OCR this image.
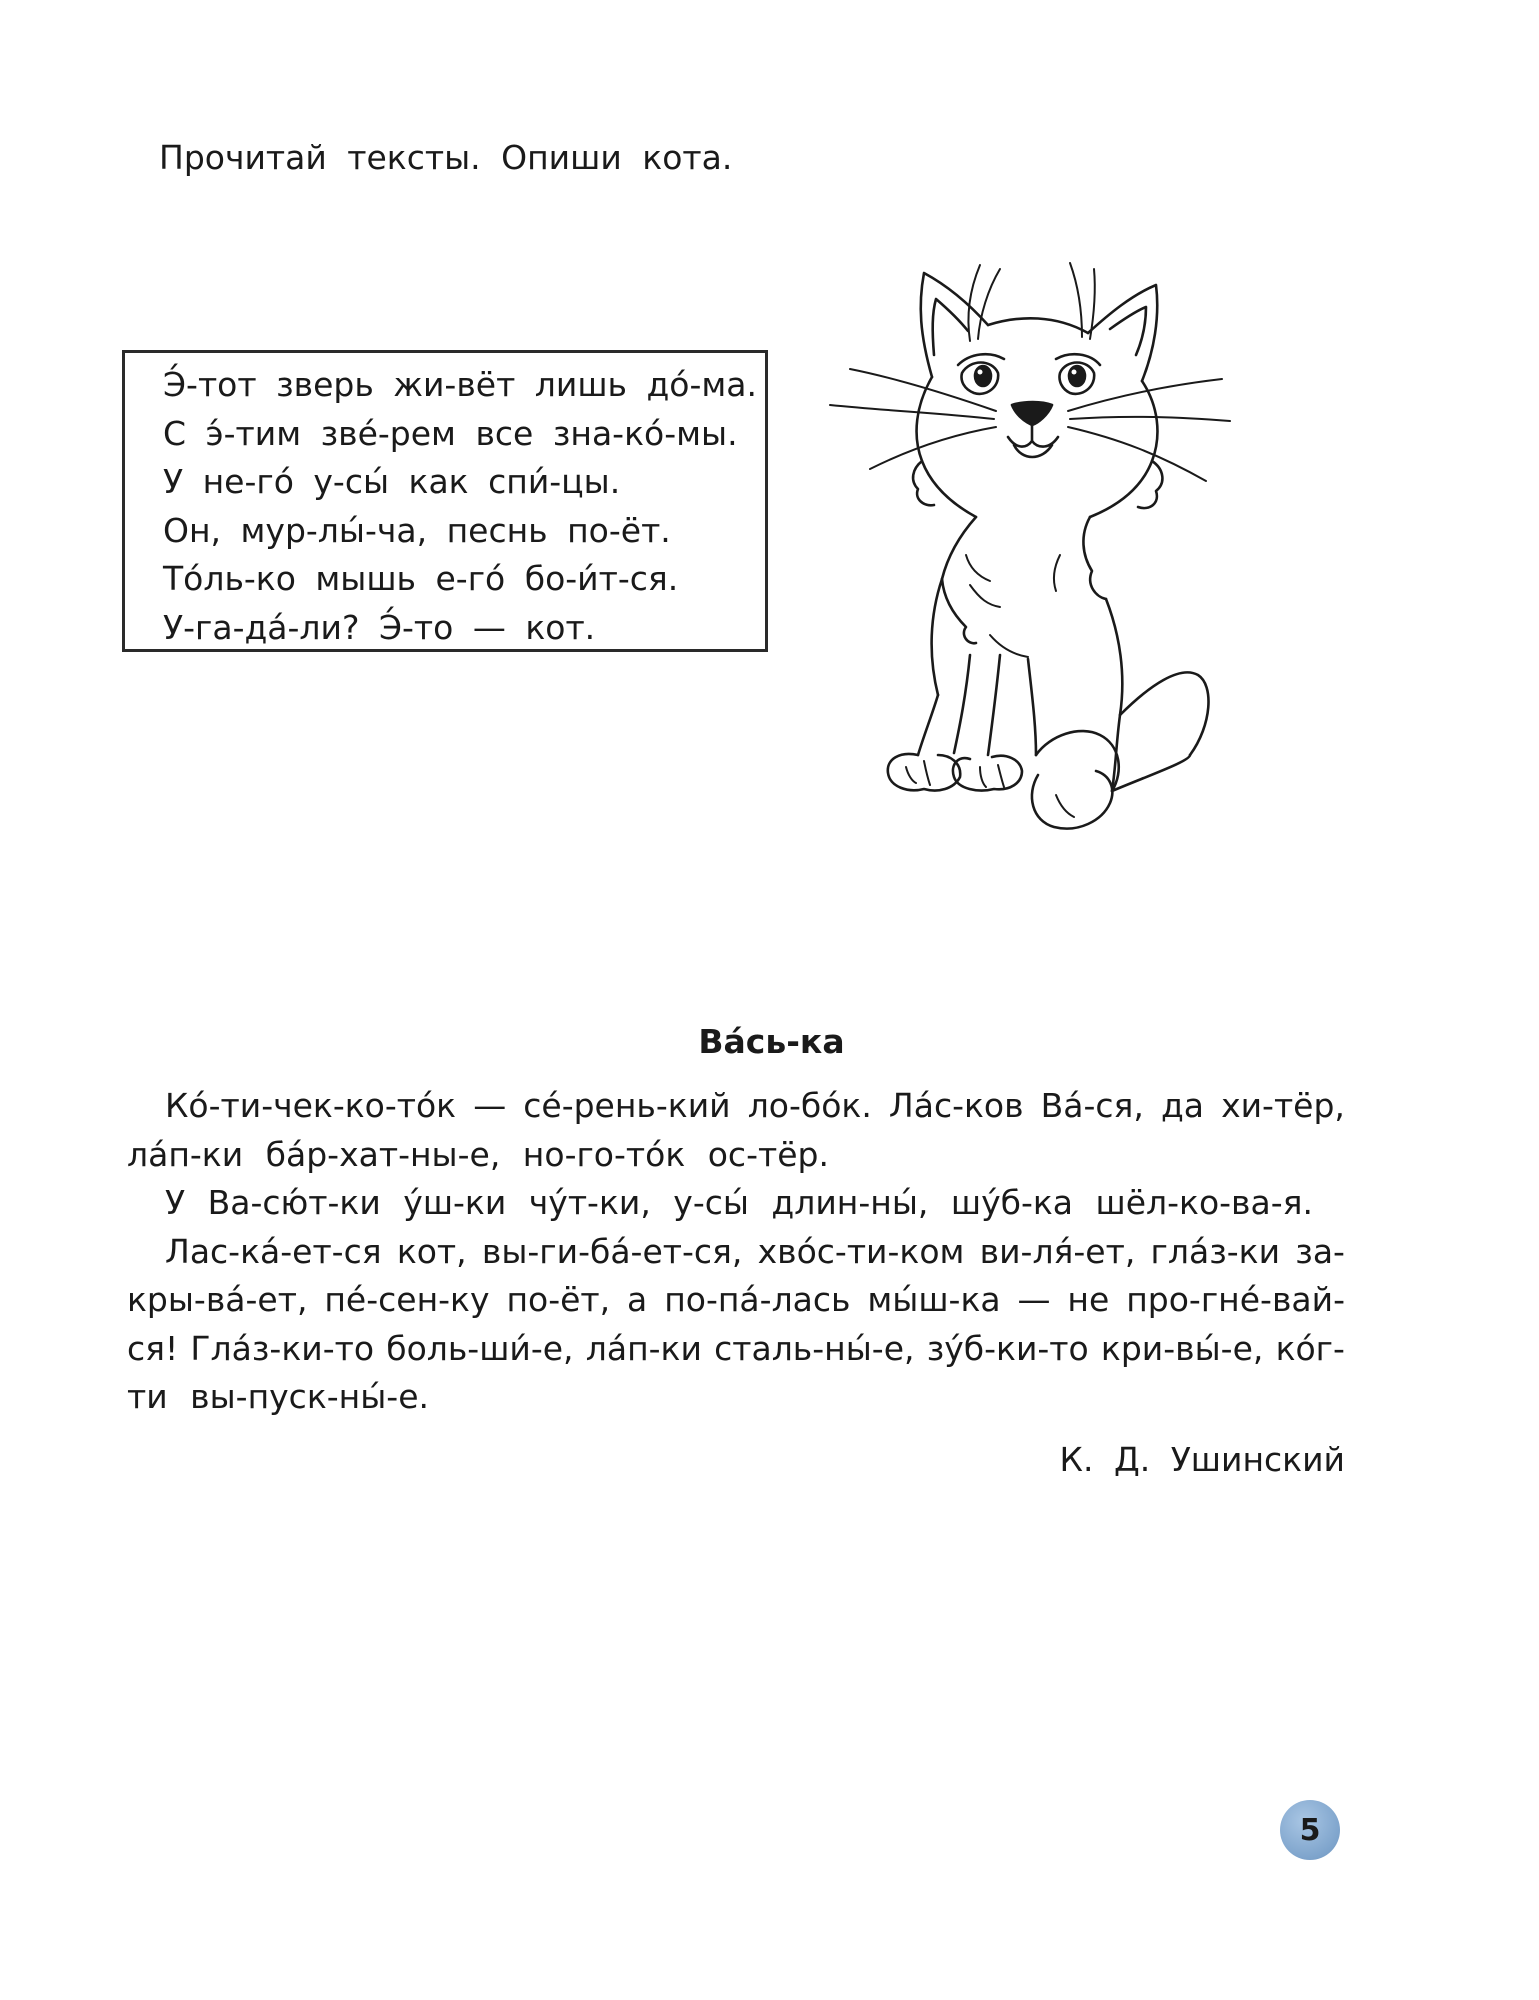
Прочитай тексты. Опиши кота.
Э́-тот зверь жи-вёт лишь до́-ма.
С э́-тим зве́-рем все зна-ко́-мы.
У не-го́ у-сы́ как спи́-цы.
Он, мур-лы́-ча, песнь по-ёт.
То́ль-ко мышь е-го́ бо-и́т-ся.
У-га-да́-ли? Э́-то — кот.
Ва́сь-ка
Ко́-ти-чек-ко-то́к — се́-рень-кий ло-бо́к. Ла́с-ков Ва́-ся, да хи-тёр,
ла́п-ки ба́р-хат-ны-е, но-го-то́к ос-тёр.
У Ва-сю́т-ки у́ш-ки чу́т-ки, у-сы́ длин-ны́, шу́б-ка шёл-ко-ва-я.
Лас-ка́-ет-ся кот, вы-ги-ба́-ет-ся, хво́с-ти-ком ви-ля́-ет, гла́з-ки за-
кры-ва́-ет, пе́-сен-ку по-ёт, а по-па́-лась мы́ш-ка — не про-гне́-вай-
ся! Гла́з-ки-то боль-ши́-е, ла́п-ки сталь-ны́-е, зу́б-ки-то кри-вы́-е, ко́г-
ти вы-пуск-ны́-е.
К. Д. Ушинский
5
